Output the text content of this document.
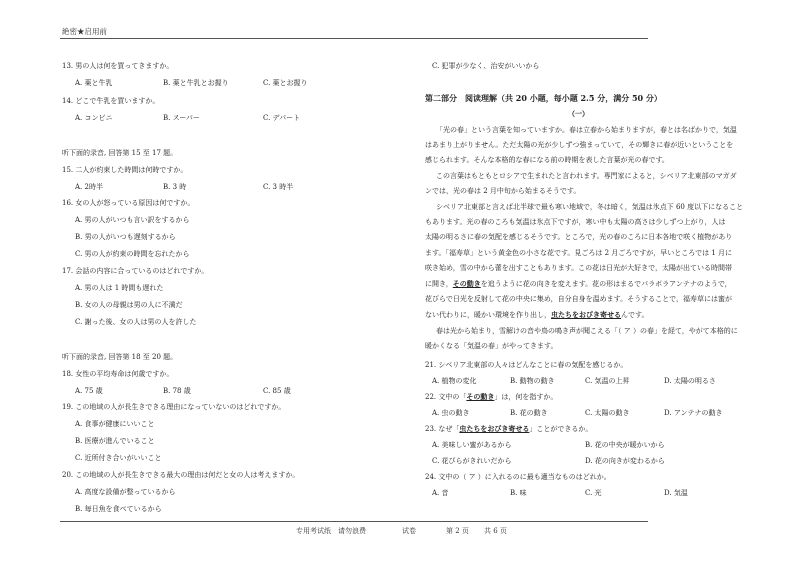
絶密★启用前
13. 男の人は何を買ってきますか。
A. 薬と牛乳	B. 薬と牛乳とお握り	C. 薬とお握り
14. どこで牛乳を買いますか。
A. コンビニ	B. スーパー	C. デパート
听下面的录音, 回答第 15 至 17 题。
15. 二人が約束した時間は何時ですか。
A. 2時半	B. 3 時	C. 3 時半
16. 女の人が怒っている原因は何ですか。
A. 男の人がいつも言い訳をするから
B. 男の人がいつも遅刻するから
C. 男の人が約束の時間を忘れたから
17. 会話の内容に合っているのはどれですか。
A. 男の人は 1 時間も遅れた
B. 女の人の母親は男の人に不満だ
C. 謝った後、女の人は男の人を許した
听下面的录音, 回答第 18 至 20 题。
18. 女性の平均寿命は何歳ですか。
A. 75 歳	B. 78 歳	C. 85 歳
19. この地域の人が長生きできる理由になっていないのはどれですか。
A. 食事が健康にいいこと
B. 医療が進んでいること
C. 近所付き合いがいいこと
20. この地域の人が長生きできる最大の理由は何だと女の人は考えますか。
A. 高度な設備が整っているから
B. 毎日魚を食べているから
C. 犯罪が少なく、治安がいいから
第二部分　阅读理解（共 20 小题，每小题 2.5 分，满分 50 分）
（一）
「光の春」という言葉を知っていますか。春は立春から始まりますが，春とは名ばかりで，気温
はあまり上がりません。ただ太陽の光が少しずつ強まっていて，その輝きに春が近いということを
感じられます。そんな本格的な春になる前の時期を表した言葉が光の春です。
この言葉はもともとロシアで生まれたと言われます。専門家によると，シベリア北東部のマガダ
ンでは，光の春は 2 月中旬から始まるそうです。
シベリア北東部と言えば北半球で最も寒い地域で，冬は暗く，気温は氷点下 60 度以下になること
もあります。光の春のころも気温は氷点下ですが，寒い中も太陽の高さは少しずつ上がり，人は
太陽の明るさに春の気配を感じるそうです。ところで，光の春のころに日本各地で咲く植物があり
ます。「福寿草」という黄金色の小さな花です。見ごろは 2 月ごろですが，早いところでは 1 月に
咲き始め，雪の中から蕾を出すこともあります。この花は日光が大好きで，太陽が出ている時間帯
に開き，その動きを追うように花の向きを変えます。花の形はまるでパラボラアンテナのようで，
花びらで日光を反射して花の中央に集め，自分自身を温めます。そうすることで，福寿草には蜜が
ない代わりに，暖かい環境を作り出し，虫たちをおびき寄せるんです。
春は光から始まり，雪解けの音や鳥の鳴き声が聞こえる「（ ア ）の春」を経て，やがて本格的に
暖かくなる「気温の春」がやってきます。
21. シベリア北東部の人々はどんなことに春の気配を感じるか。
A. 植物の変化	B. 動物の動き	C. 気温の上昇	D. 太陽の明るさ
22. 文中の「その動き」は，何を指すか。
A. 虫の動き	B. 花の動き	C. 太陽の動き	D. アンテナの動き
23. なぜ「虫たちをおびき寄せる」ことができるか。
A. 美味しい蜜があるから	B. 花の中央が暖かいから
C. 花びらがきれいだから	D. 花の向きが変わるから
24. 文中の（ ア ）に入れるのに最も適当なものはどれか。
A. 音	B. 味	C. 光	D. 気温
专用考试纸　请勿浪费	试卷	第 2 页 共 6 页
